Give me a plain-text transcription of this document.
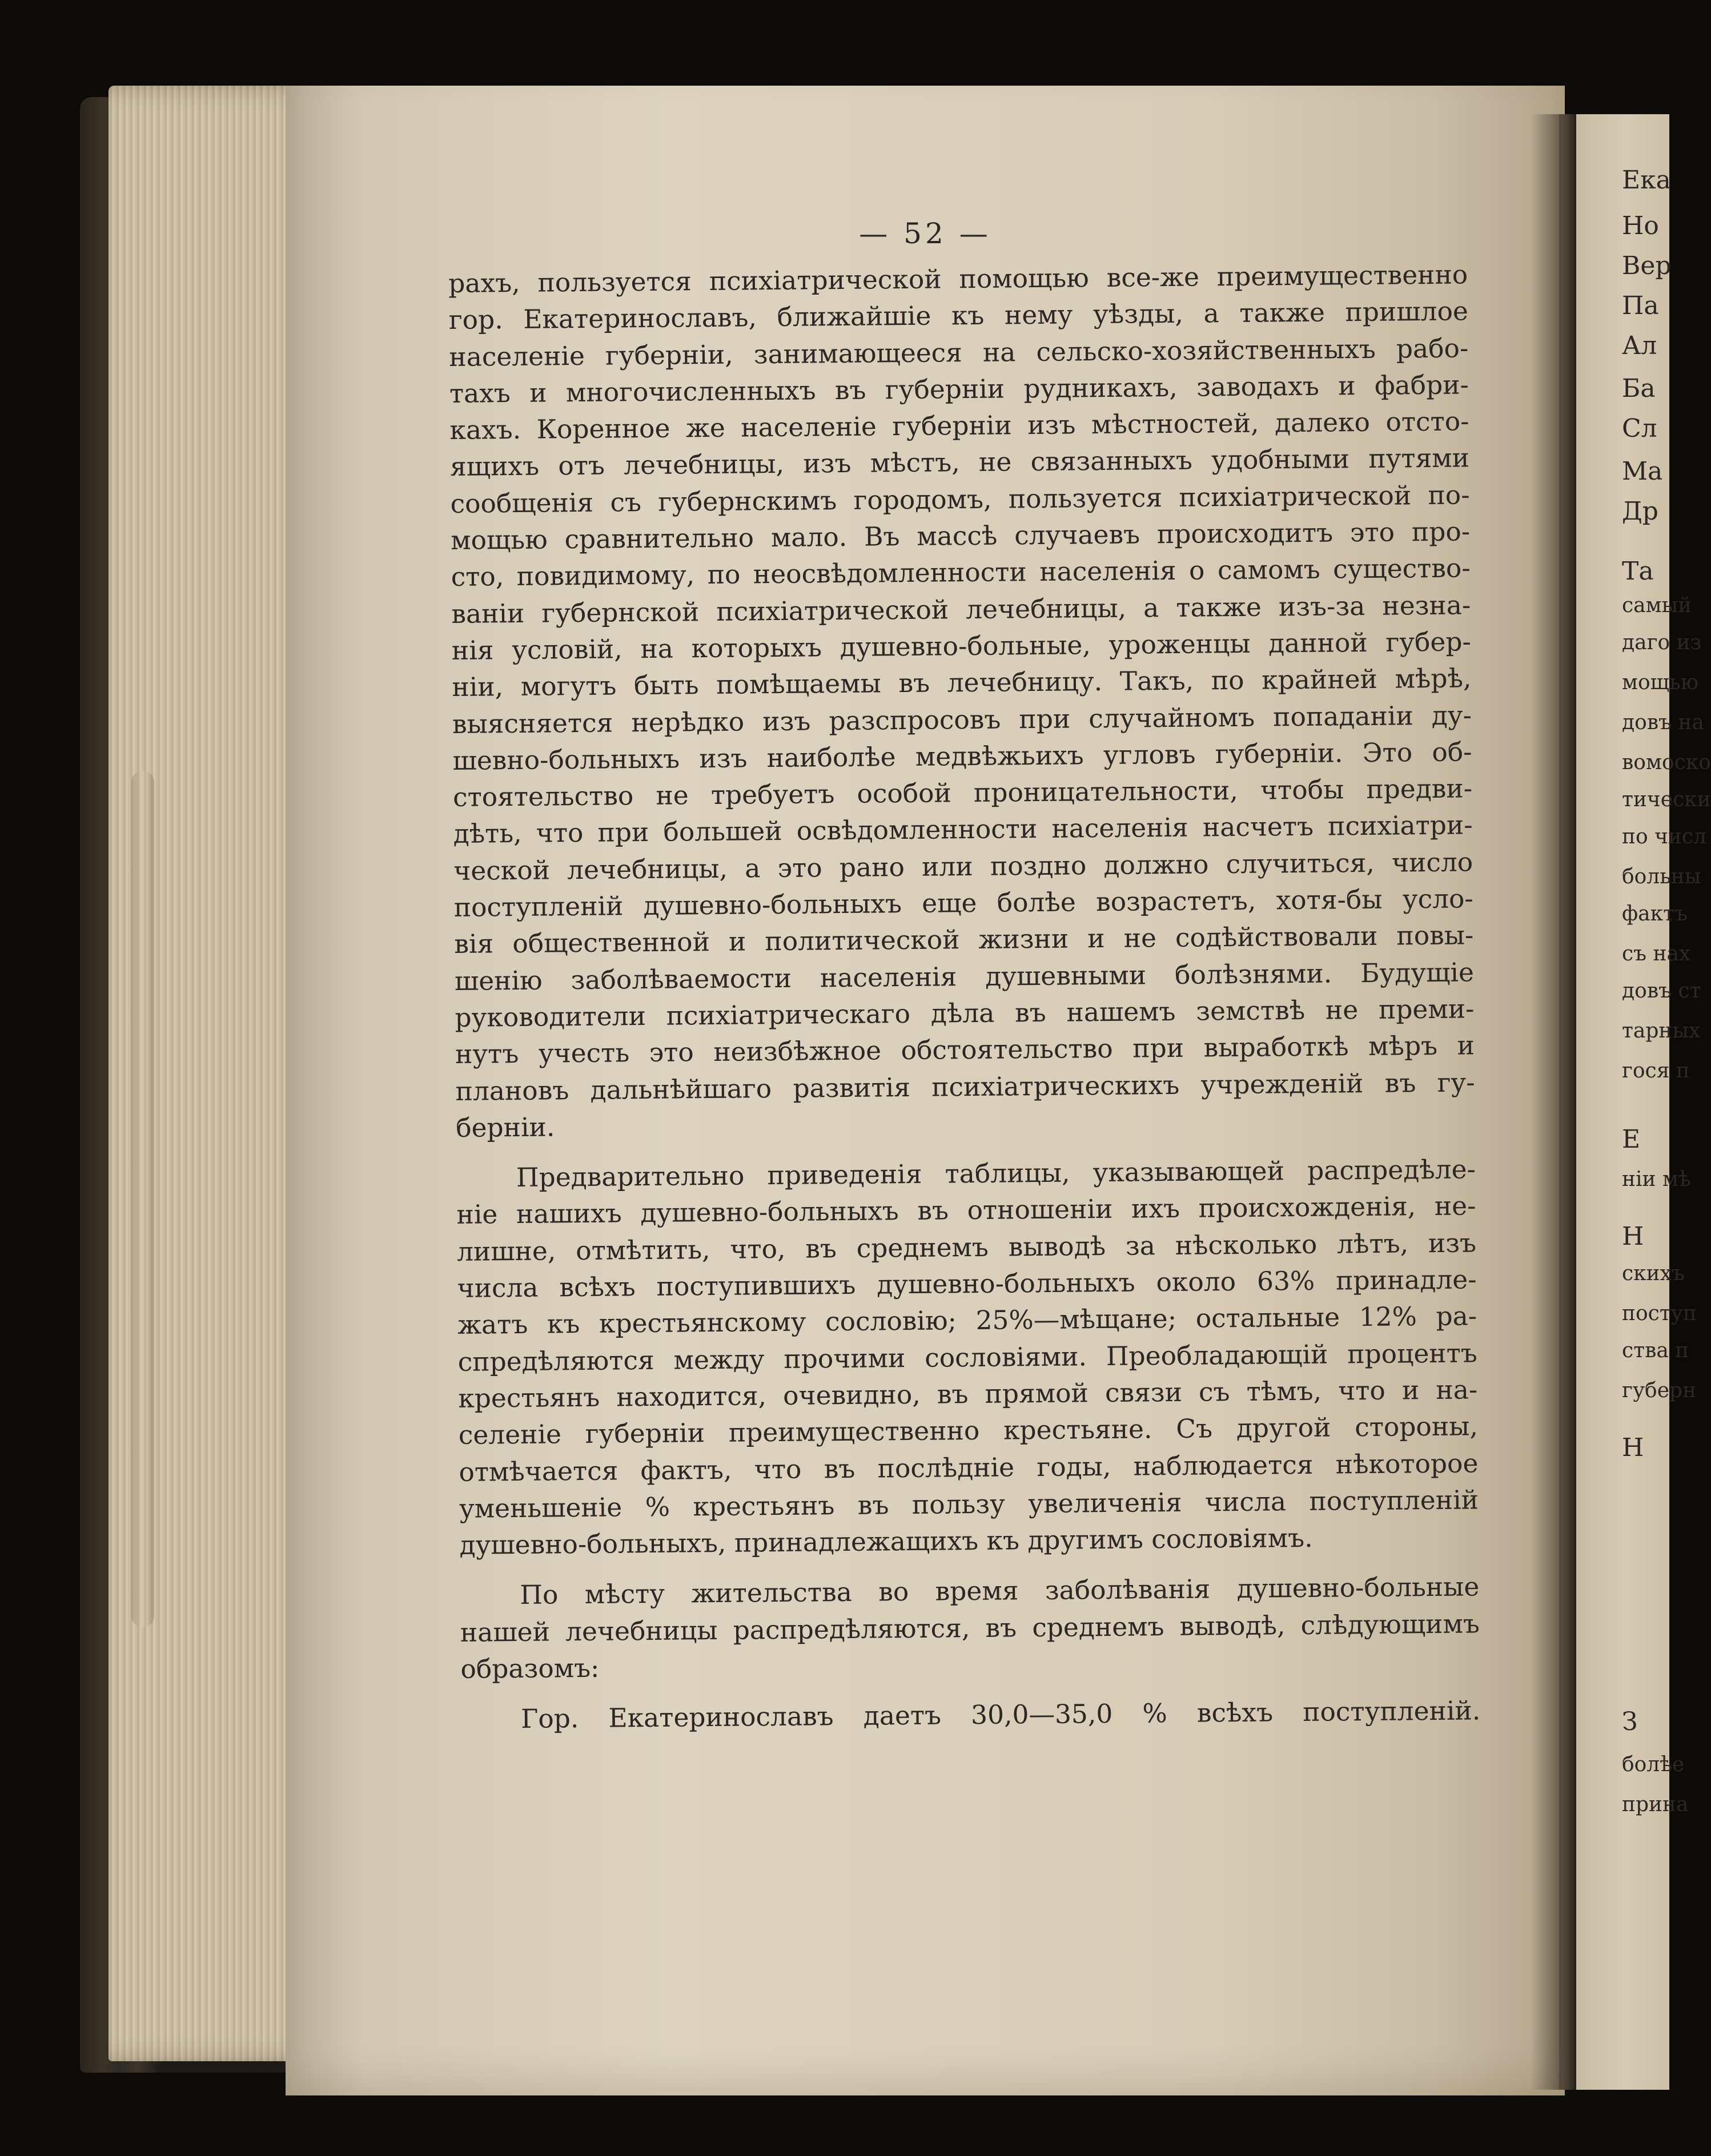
— 52 —

рахъ, пользуется психіатрической помощью все-же преимущественно
гор. Екатеринославъ, ближайшіе къ нему уѣзды, а также пришлое
населеніе губерніи, занимающееся на сельско-хозяйственныхъ рабо-
тахъ и многочисленныхъ въ губерніи рудникахъ, заводахъ и фабри-
кахъ. Коренное же населеніе губерніи изъ мѣстностей, далеко отсто-
ящихъ отъ лечебницы, изъ мѣстъ, не связанныхъ удобными путями
сообщенія съ губернскимъ городомъ, пользуется психіатрической по-
мощью сравнительно мало. Въ массѣ случаевъ происходитъ это про-
сто, повидимому, по неосвѣдомленности населенія о самомъ существо-
ваніи губернской психіатрической лечебницы, а также изъ-за незна-
нія условій, на которыхъ душевно-больные, уроженцы данной губер-
ніи, могутъ быть помѣщаемы въ лечебницу. Такъ, по крайней мѣрѣ,
выясняется нерѣдко изъ разспросовъ при случайномъ попаданіи ду-
шевно-больныхъ изъ наиболѣе медвѣжьихъ угловъ губерніи. Это об-
стоятельство не требуетъ особой проницательности, чтобы предви-
дѣть, что при большей освѣдомленности населенія насчетъ психіатри-
ческой лечебницы, а это рано или поздно должно случиться, число
поступленій душевно-больныхъ еще болѣе возрастетъ, хотя-бы усло-
вія общественной и политической жизни и не содѣйствовали повы-
шенію заболѣваемости населенія душевными болѣзнями. Будущіе
руководители психіатрическаго дѣла въ нашемъ земствѣ не преми-
нутъ учесть это неизбѣжное обстоятельство при выработкѣ мѣръ и
плановъ дальнѣйшаго развитія психіатрическихъ учрежденій въ гу-
берніи.

Предварительно приведенія таблицы, указывающей распредѣле-
ніе нашихъ душевно-больныхъ въ отношеніи ихъ происхожденія, не-
лишне, отмѣтить, что, въ среднемъ выводѣ за нѣсколько лѣтъ, изъ
числа всѣхъ поступившихъ душевно-больныхъ около 63% принадле-
жатъ къ крестьянскому сословію; 25%—мѣщане; остальные 12% ра-
спредѣляются между прочими сословіями. Преобладающій процентъ
крестьянъ находится, очевидно, въ прямой связи съ тѣмъ, что и на-
селеніе губерніи преимущественно крестьяне. Съ другой стороны,
отмѣчается фактъ, что въ послѣдніе годы, наблюдается нѣкоторое
уменьшеніе % крестьянъ въ пользу увеличенія числа поступленій
душевно-больныхъ, принадлежащихъ къ другимъ сословіямъ.

По мѣсту жительства во время заболѣванія душевно-больные
нашей лечебницы распредѣляются, въ среднемъ выводѣ, слѣдующимъ
образомъ:

Гор. Екатеринославъ даетъ 30,0—35,0 % всѣхъ поступленій.

Ека
Но
Вер
Па
Ал
Ба
Сл
Ма
Др
Та
самый
даго из
мощью
довъ на
вомоско
тически
по числ
больны
фактъ
съ нах
довъ ст
тарных
гося п
Е
ніи мѣ
Н
скихъ
поступ
ства п
губерн
Н
З
болѣе
прина
